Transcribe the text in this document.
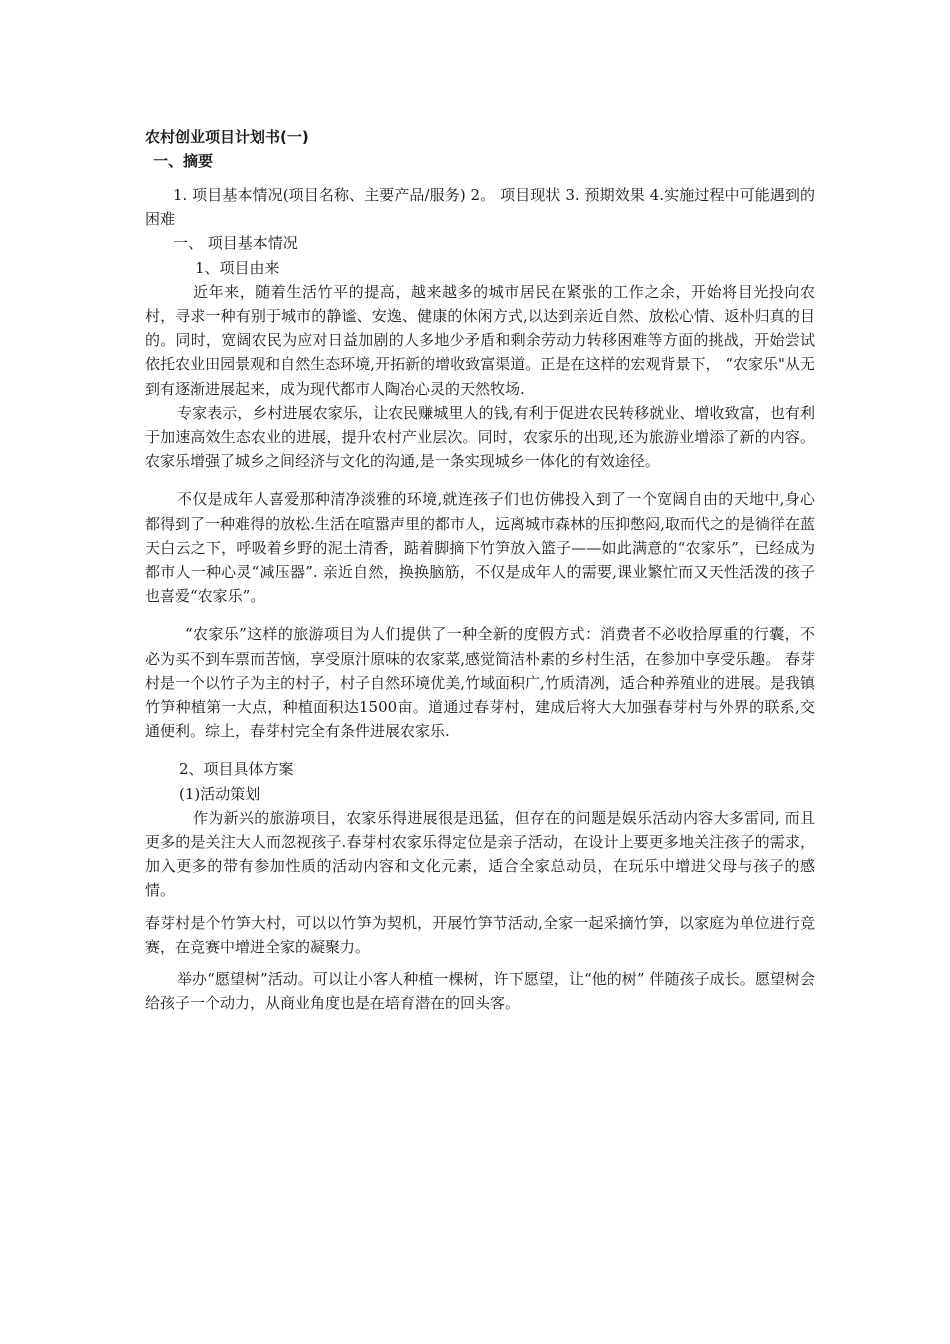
农村创业项目计划书(一)

一、摘要

1. 项目基本情况(项目名称、主要产品/服务) 2。 项目现状 3. 预期效果 4.实施过程中可能遇到的困难

一、 项目基本情况

1、项目由来

近年来，随着生活竹平的提高，越来越多的城市居民在紧张的工作之余，开始将目光投向农村，寻求一种有别于城市的静谧、安逸、健康的休闲方式,以达到亲近自然、放松心情、返朴归真的目的。同时，宽阔农民为应对日益加剧的人多地少矛盾和剩余劳动力转移困难等方面的挑战，开始尝试依托农业田园景观和自然生态环境,开拓新的增收致富渠道。正是在这样的宏观背景下， “农家乐"从无到有逐渐进展起来，成为现代都市人陶冶心灵的天然牧场.

专家表示，乡村进展农家乐，让农民赚城里人的钱,有利于促进农民转移就业、增收致富，也有利于加速高效生态农业的进展，提升农村产业层次。同时，农家乐的出现,还为旅游业增添了新的内容。农家乐增强了城乡之间经济与文化的沟通,是一条实现城乡一体化的有效途径。

不仅是成年人喜爱那种清净淡雅的环境,就连孩子们也仿佛投入到了一个宽阔自由的天地中,身心都得到了一种难得的放松.生活在喧嚣声里的都市人，远离城市森林的压抑憋闷,取而代之的是徜徉在蓝天白云之下，呼吸着乡野的泥土清香，踮着脚摘下竹笋放入篮子——如此满意的“农家乐”，已经成为都市人一种心灵“减压器”. 亲近自然，换换脑筋，不仅是成年人的需要,课业繁忙而又天性活泼的孩子也喜爱“农家乐”。

“农家乐”这样的旅游项目为人们提供了一种全新的度假方式：消费者不必收拾厚重的行囊，不必为买不到车票而苦恼，享受原汁原味的农家菜,感觉简洁朴素的乡村生活，在参加中享受乐趣。 春芽村是一个以竹子为主的村子，村子自然环境优美,竹域面积广,竹质清冽，适合种养殖业的进展。是我镇竹笋种植第一大点，种植面积达1500亩。道通过春芽村，建成后将大大加强春芽村与外界的联系,交通便利。综上，春芽村完全有条件进展农家乐.

2、项目具体方案

(1)活动策划

作为新兴的旅游项目，农家乐得进展很是迅猛，但存在的问题是娱乐活动内容大多雷同, 而且更多的是关注大人而忽视孩子.春芽村农家乐得定位是亲子活动，在设计上要更多地关注孩子的需求，加入更多的带有参加性质的活动内容和文化元素，适合全家总动员，在玩乐中增进父母与孩子的感情。

春芽村是个竹笋大村，可以以竹笋为契机，开展竹笋节活动,全家一起采摘竹笋，以家庭为单位进行竞赛，在竞赛中增进全家的凝聚力。

举办“愿望树”活动。可以让小客人种植一棵树，许下愿望，让“他的树” 伴随孩子成长。愿望树会给孩子一个动力，从商业角度也是在培育潜在的回头客。
